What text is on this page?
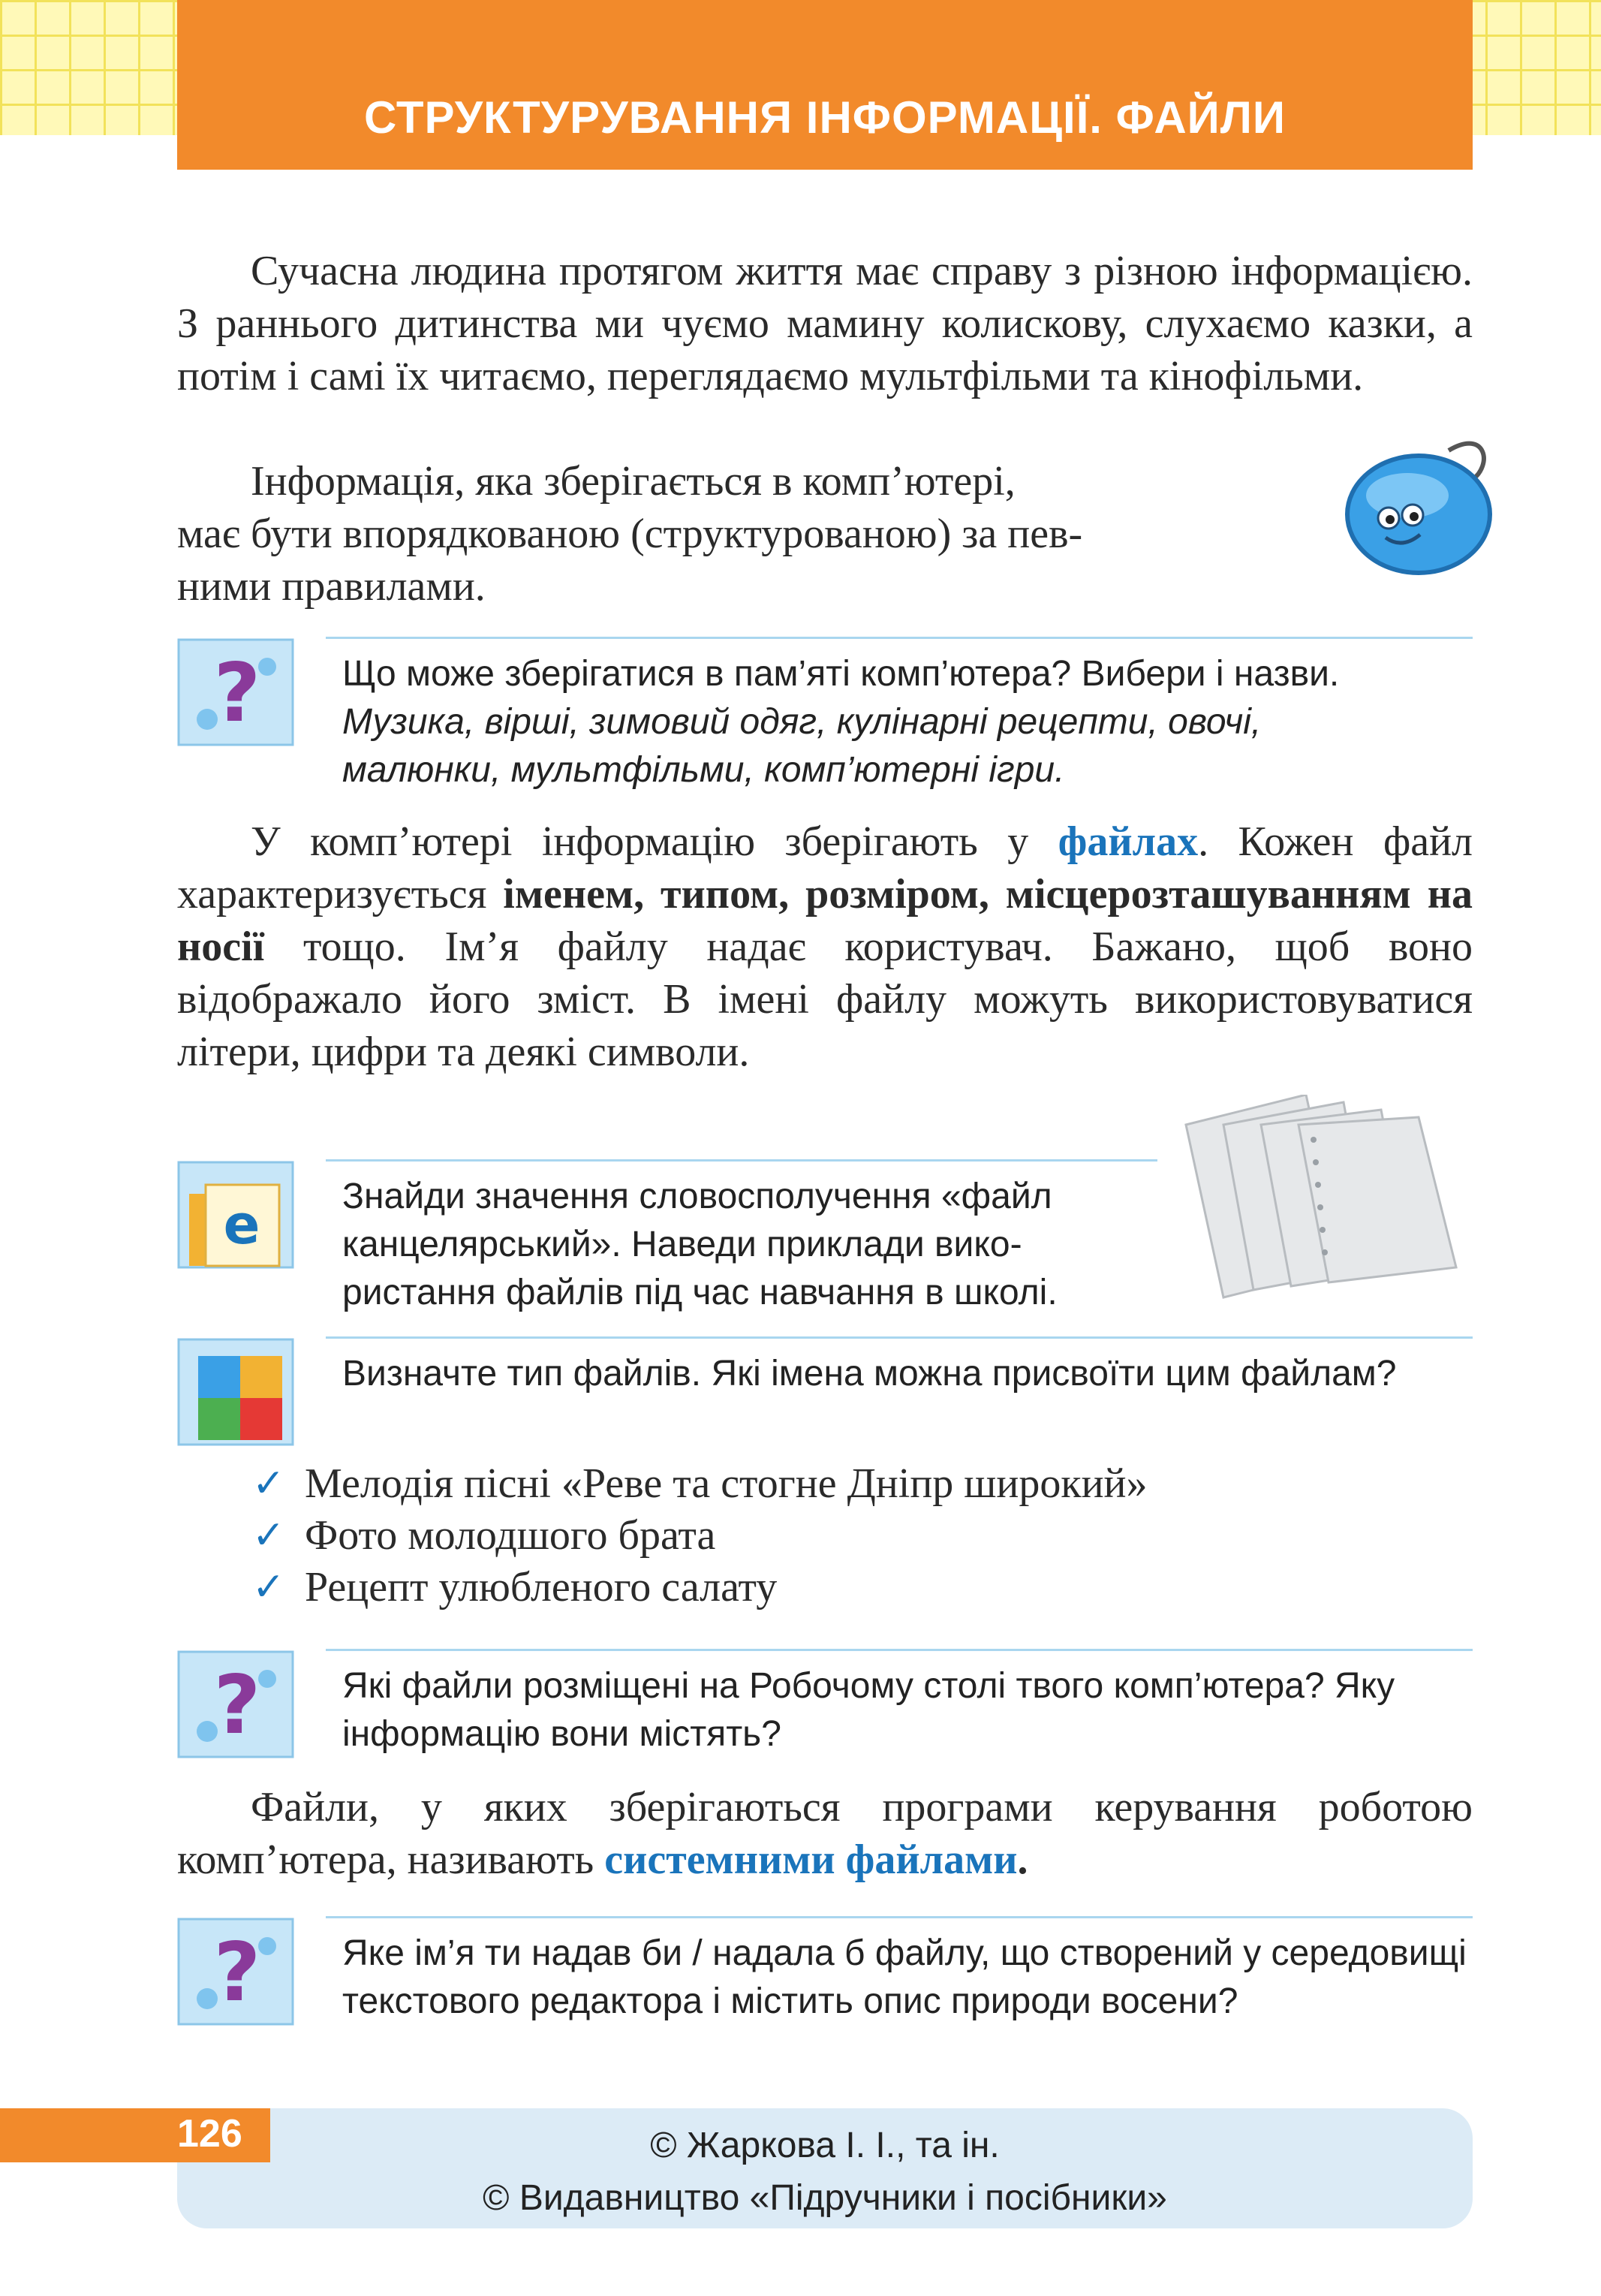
СТРУКТУРУВАННЯ ІНФОРМАЦІЇ. ФАЙЛИ

Сучасна людина протягом життя має справу з різною інформацією. З раннього дитинства ми чуємо мамину колискову, слухаємо казки, а потім і самі їх читаємо, переглядаємо мультфільми та кінофільми.

Інформація, яка зберігається в комп’ютері,
має бути впорядкованою (структурованою) за пев-
ними правилами.
? Що може зберігатися в пам’яті комп’ютера? Вибери і назви.
Музика, вірші, зимовий одяг, кулінарні рецепти, овочі,
малюнки, мультфільми, комп’ютерні ігри.

У комп’ютері інформацію зберігають у файлах. Кожен файл характеризується іменем, типом, розміром, місцерозташуванням на носії тощо. Ім’я файлу надає користувач. Бажано, щоб воно відображало його зміст. В імені файлу можуть використовуватися літери, цифри та деякі символи.

e Знайди значення словосполучення «файл
канцелярський». Наведи приклади вико-
ристання файлів під час навчання в школі.
Визначте тип файлів. Які імена можна присвоїти цим файлам?
✓ Мелодія пісні «Реве та стогне Дніпр широкий»
✓ Фото молодшого брата
✓ Рецепт улюбленого салату
? Які файли розміщені на Робочому столі твого комп’ютера? Яку інформацію вони містять?

Файли, у яких зберігаються програми керування роботою комп’ютера, називають системними файлами.

? Яке ім’я ти надав би / надала б файлу, що створений у середовищі текстового редактора і містить опис природи восени?
126	© Жаркова І. І., та ін.
© Видавництво «Підручники і посібники»
